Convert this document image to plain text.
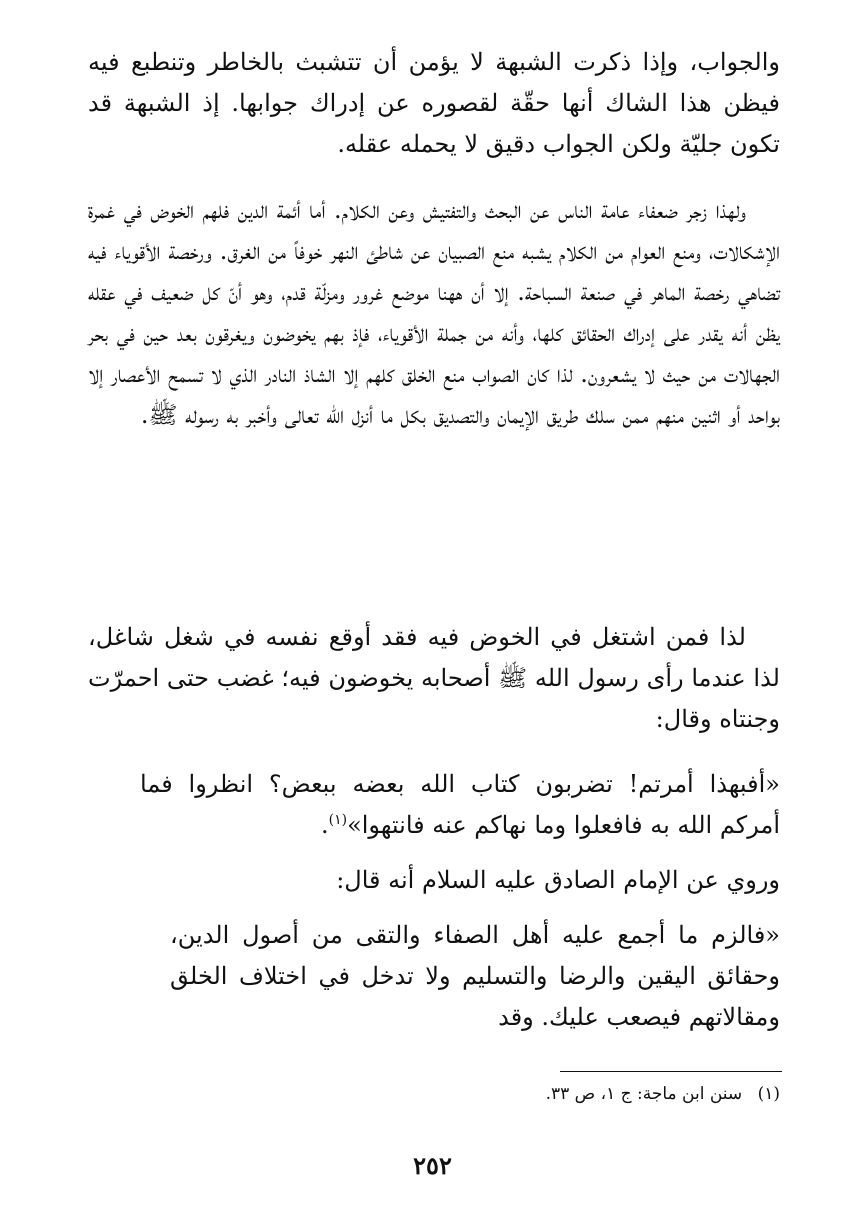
والجواب، وإذا ذكرت الشبهة لا يؤمن أن تتشبث بالخاطر وتنطبع فيه فيظن هذا الشاك أنها حقّة لقصوره عن إدراك جوابها. إذ الشبهة قد تكون جليّة ولكن الجواب دقيق لا يحمله عقله.

ولهذا زجر ضعفاء عامة الناس عن البحث والتفتيش وعن الكلام. أما أئمة الدين فلهم الخوض في غمرة الإشكالات، ومنع العوام من الكلام يشبه منع الصبيان عن شاطئ النهر خوفاً من الغرق. ورخصة الأقوياء فيه تضاهي رخصة الماهر في صنعة السباحة. إلا أن ههنا موضع غرور ومزلّة قدم، وهو أنّ كل ضعيف في عقله يظن أنه يقدر على إدراك الحقائق كلها، وأنه من جملة الأقوياء، فإذ بهم يخوضون ويغرقون بعد حين في بحر الجهالات من حيث لا يشعرون. لذا كان الصواب منع الخلق كلهم إلا الشاذ النادر الذي لا تسمح الأعصار إلا بواحد أو اثنين منهم ممن سلك طريق الإيمان والتصديق بكل ما أنزل الله تعالى وأخبر به رسوله ﷺ.

لذا فمن اشتغل في الخوض فيه فقد أوقع نفسه في شغل شاغل، لذا عندما رأى رسول الله ﷺ أصحابه يخوضون فيه؛ غضب حتى احمرّت وجنتاه وقال:

«أفبهذا أمرتم! تضربون كتاب الله بعضه ببعض؟ انظروا فما أمركم الله به فافعلوا وما نهاكم عنه فانتهوا»$^{(١)}$.

وروي عن الإمام الصادق عليه السلام أنه قال:

«فالزم ما أجمع عليه أهل الصفاء والتقى من أصول الدين، وحقائق اليقين والرضا والتسليم ولا تدخل في اختلاف الخلق ومقالاتهم فيصعب عليك. وقد

(١) سنن ابن ماجة: ج ١، ص ٣٣.
٢٥٢
